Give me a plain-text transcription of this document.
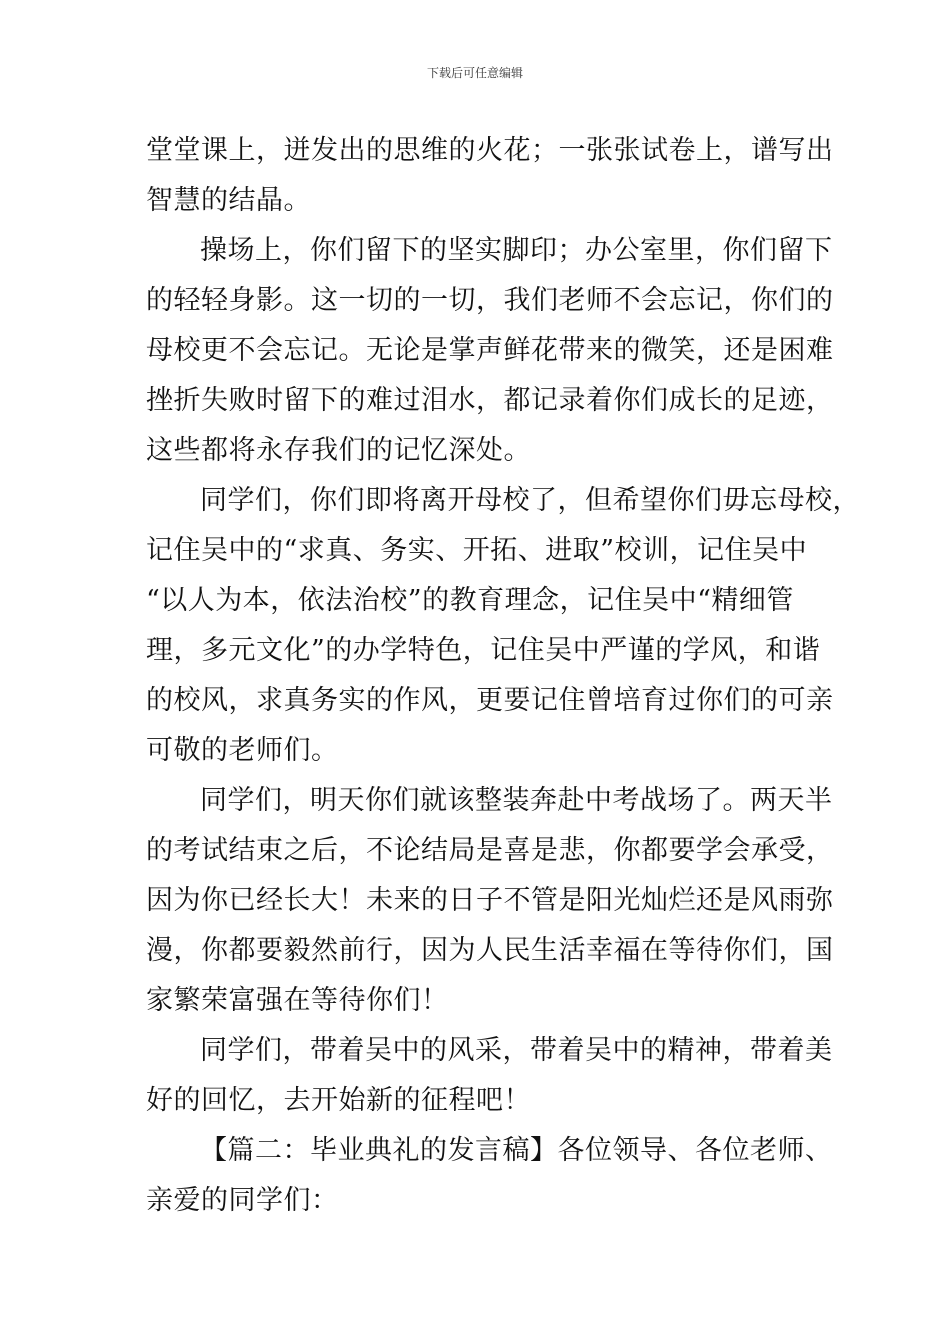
下载后可任意编辑
堂堂课上，迸发出的思维的火花；一张张试卷上，谱写出
智慧的结晶。
操场上，你们留下的坚实脚印；办公室里，你们留下
的轻轻身影。这一切的一切，我们老师不会忘记，你们的
母校更不会忘记。无论是掌声鲜花带来的微笑，还是困难
挫折失败时留下的难过泪水，都记录着你们成长的足迹，
这些都将永存我们的记忆深处。
同学们，你们即将离开母校了，但希望你们毋忘母校，
记住吴中的“求真、务实、开拓、进取”校训，记住吴中
“以人为本，依法治校”的教育理念，记住吴中“精细管
理，多元文化”的办学特色，记住吴中严谨的学风，和谐
的校风，求真务实的作风，更要记住曾培育过你们的可亲
可敬的老师们。
同学们，明天你们就该整装奔赴中考战场了。两天半
的考试结束之后，不论结局是喜是悲，你都要学会承受，
因为你已经长大！未来的日子不管是阳光灿烂还是风雨弥
漫，你都要毅然前行，因为人民生活幸福在等待你们，国
家繁荣富强在等待你们！
同学们，带着吴中的风采，带着吴中的精神，带着美
好的回忆，去开始新的征程吧！
【篇二：毕业典礼的发言稿】各位领导、各位老师、
亲爱的同学们：
